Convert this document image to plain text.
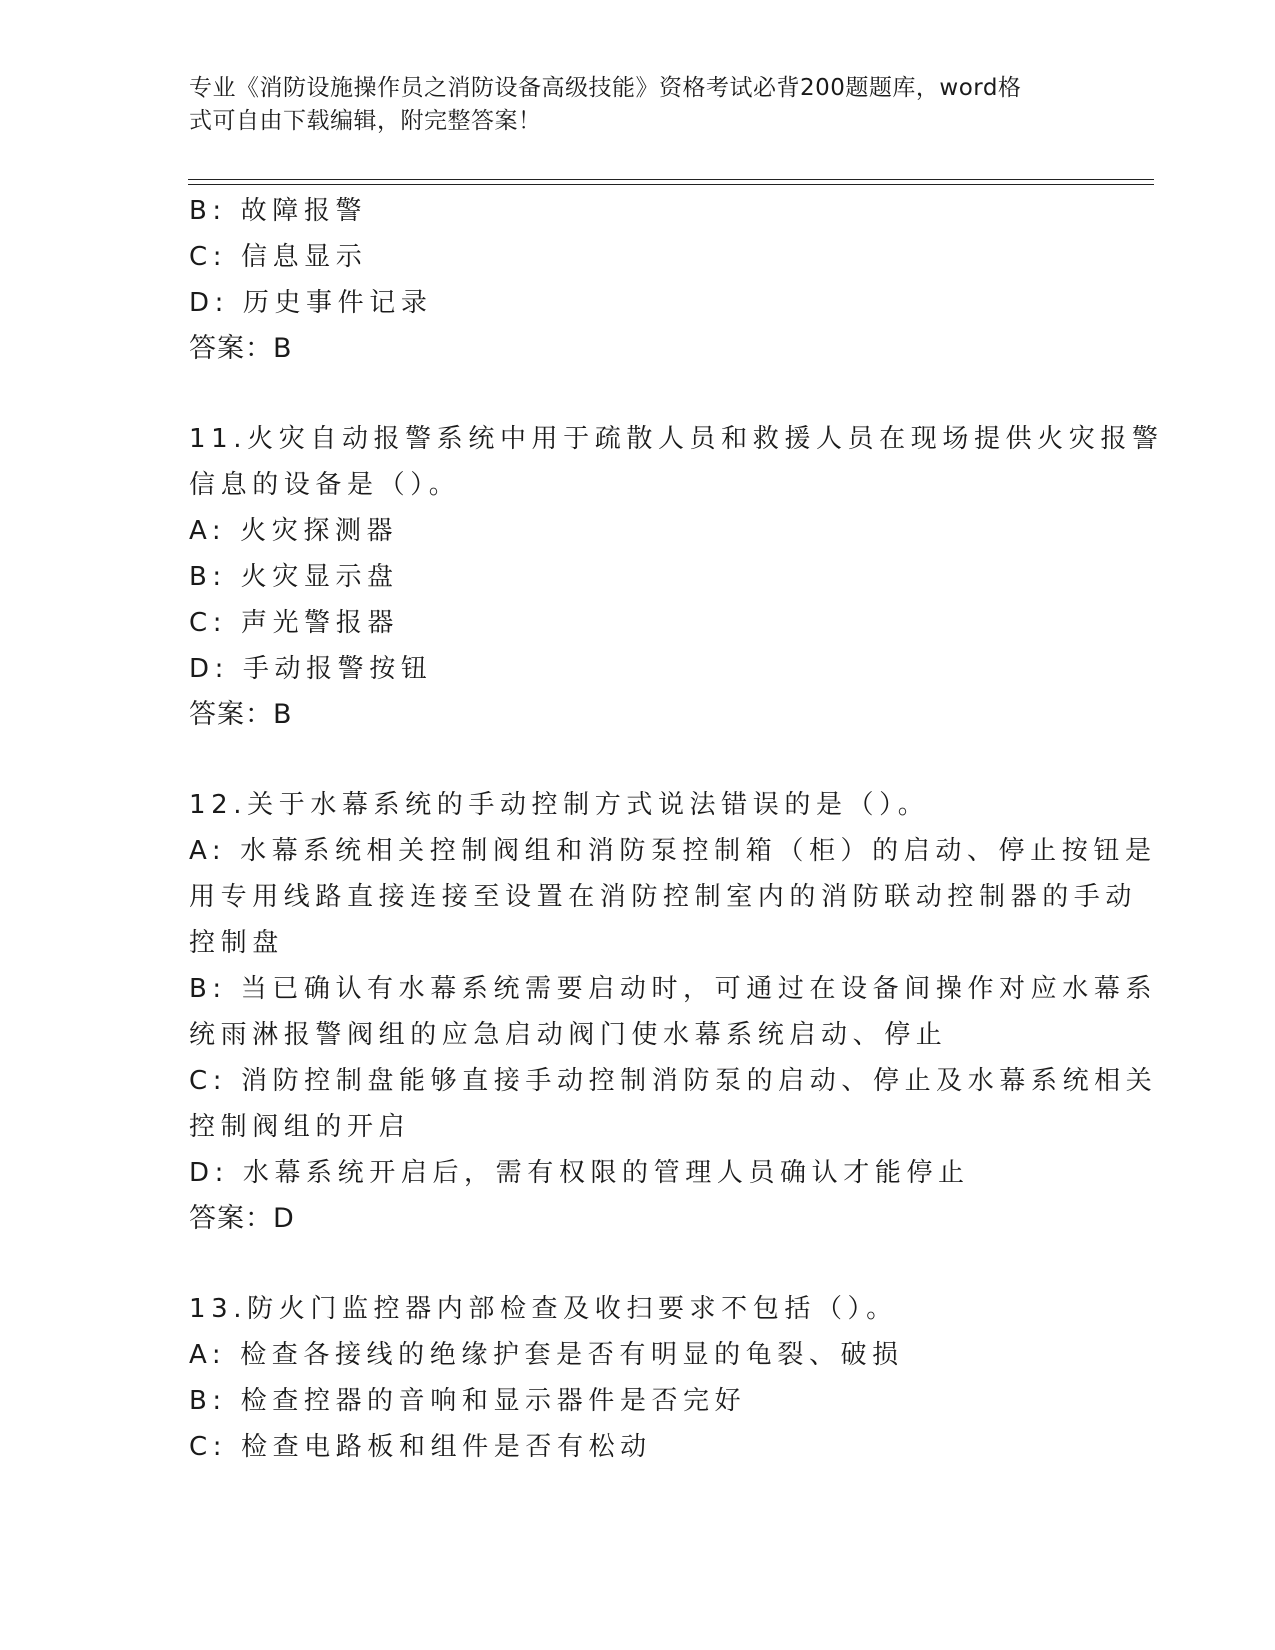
专业《消防设施操作员之消防设备高级技能》资格考试必背200题题库，word格
式可自由下载编辑，附完整答案！
B: 故障报警
C: 信息显示
D: 历史事件记录
答案：B
11.火灾自动报警系统中用于疏散人员和救援人员在现场提供火灾报警
信息的设备是（）。
A: 火灾探测器
B: 火灾显示盘
C: 声光警报器
D: 手动报警按钮
答案：B
12.关于水幕系统的手动控制方式说法错误的是（）。
A: 水幕系统相关控制阀组和消防泵控制箱（柜）的启动、停止按钮是
用专用线路直接连接至设置在消防控制室内的消防联动控制器的手动
控制盘
B: 当已确认有水幕系统需要启动时，可通过在设备间操作对应水幕系
统雨淋报警阀组的应急启动阀门使水幕系统启动、停止
C: 消防控制盘能够直接手动控制消防泵的启动、停止及水幕系统相关
控制阀组的开启
D: 水幕系统开启后，需有权限的管理人员确认才能停止
答案：D
13.防火门监控器内部检查及收扫要求不包括（）。
A: 检查各接线的绝缘护套是否有明显的龟裂、破损
B: 检查控器的音响和显示器件是否完好
C: 检查电路板和组件是否有松动
